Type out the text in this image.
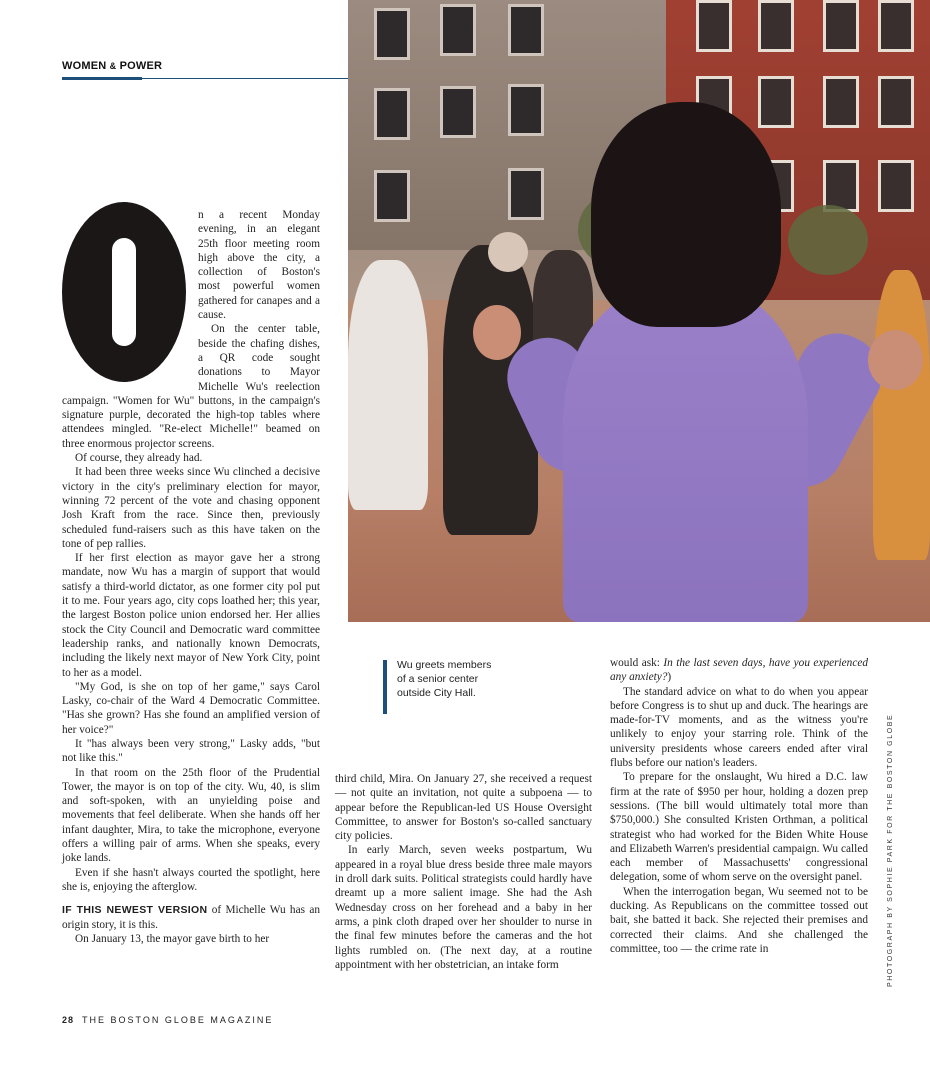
WOMEN & POWER

n a recent Monday evening, in an elegant 25th floor meeting room high above the city, a collection of Boston's most powerful women gathered for canapes and a cause.

On the center table, beside the chafing dishes, a QR code sought donations to Mayor Michelle Wu's reelection campaign. "Women for Wu" buttons, in the campaign's signature purple, decorated the high-top tables where attendees mingled. "Re-elect Michelle!" beamed on three enormous projector screens.

Of course, they already had.

It had been three weeks since Wu clinched a decisive victory in the city's preliminary election for mayor, winning 72 percent of the vote and chasing opponent Josh Kraft from the race. Since then, previously scheduled fund-raisers such as this have taken on the tone of pep rallies.

If her first election as mayor gave her a strong mandate, now Wu has a margin of support that would satisfy a third-world dictator, as one former city pol put it to me. Four years ago, city cops loathed her; this year, the largest Boston police union endorsed her. Her allies stock the City Council and Democratic ward committee leadership ranks, and nationally known Democrats, including the likely next mayor of New York City, point to her as a model.

"My God, is she on top of her game," says Carol Lasky, co-chair of the Ward 4 Democratic Committee. "Has she grown? Has she found an amplified version of her voice?"

It "has always been very strong," Lasky adds, "but not like this."

In that room on the 25th floor of the Prudential Tower, the mayor is on top of the city. Wu, 40, is slim and soft-spoken, with an unyielding poise and movements that feel deliberate. When she hands off her infant daughter, Mira, to take the microphone, everyone offers a willing pair of arms. When she speaks, every joke lands.

Even if she hasn't always courted the spotlight, here she is, enjoying the afterglow.

IF THIS NEWEST VERSION of Michelle Wu has an origin story, it is this.

On January 13, the mayor gave birth to her

Wu greets members of a senior center outside City Hall.

third child, Mira. On January 27, she received a request — not quite an invitation, not quite a subpoena — to appear before the Republican-led US House Oversight Committee, to answer for Boston's so-called sanctuary city policies.

In early March, seven weeks postpartum, Wu appeared in a royal blue dress beside three male mayors in droll dark suits. Political strategists could hardly have dreamt up a more salient image. She had the Ash Wednesday cross on her forehead and a baby in her arms, a pink cloth draped over her shoulder to nurse in the final few minutes before the cameras and the hot lights rumbled on. (The next day, at a routine appointment with her obstetrician, an intake form

would ask: In the last seven days, have you experienced any anxiety?)

The standard advice on what to do when you appear before Congress is to shut up and duck. The hearings are made-for-TV moments, and as the witness you're unlikely to enjoy your starring role. Think of the university presidents whose careers ended after viral flubs before our nation's leaders.

To prepare for the onslaught, Wu hired a D.C. law firm at the rate of $950 per hour, holding a dozen prep sessions. (The bill would ultimately total more than $750,000.) She consulted Kristen Orthman, a political strategist who had worked for the Biden White House and Elizabeth Warren's presidential campaign. Wu called each member of Massachusetts' congressional delegation, some of whom serve on the oversight panel.

When the interrogation began, Wu seemed not to be ducking. As Republicans on the committee tossed out bait, she batted it back. She rejected their premises and corrected their claims. And she challenged the committee, too — the crime rate in	PHOTOGRAPH BY SOPHIE PARK FOR THE BOSTON GLOBE
28 THE BOSTON GLOBE MAGAZINE
